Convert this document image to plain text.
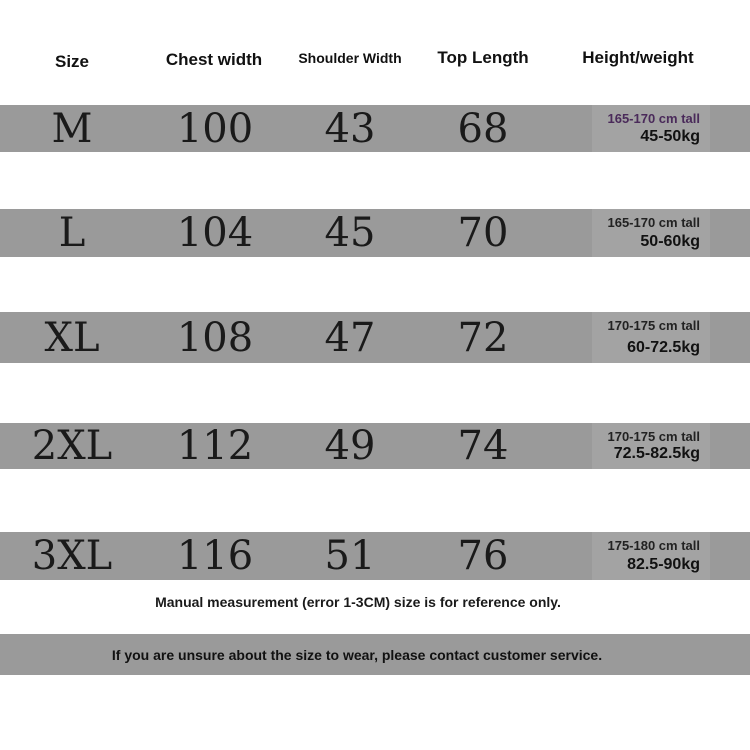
Size	Chest width	Shoulder Width	Top Length	Height/weight
M	100	43	68	165-170 cm tall
45-50kg
L	104	45	70	165-170 cm tall
50-60kg
XL	108	47	72	170-175 cm tall
60-72.5kg
2XL	112	49	74	170-175 cm tall
72.5-82.5kg
3XL	116	51	76	175-180 cm tall
82.5-90kg
Manual measurement (error 1-3CM) size is for reference only.
If you are unsure about the size to wear, please contact customer service.
